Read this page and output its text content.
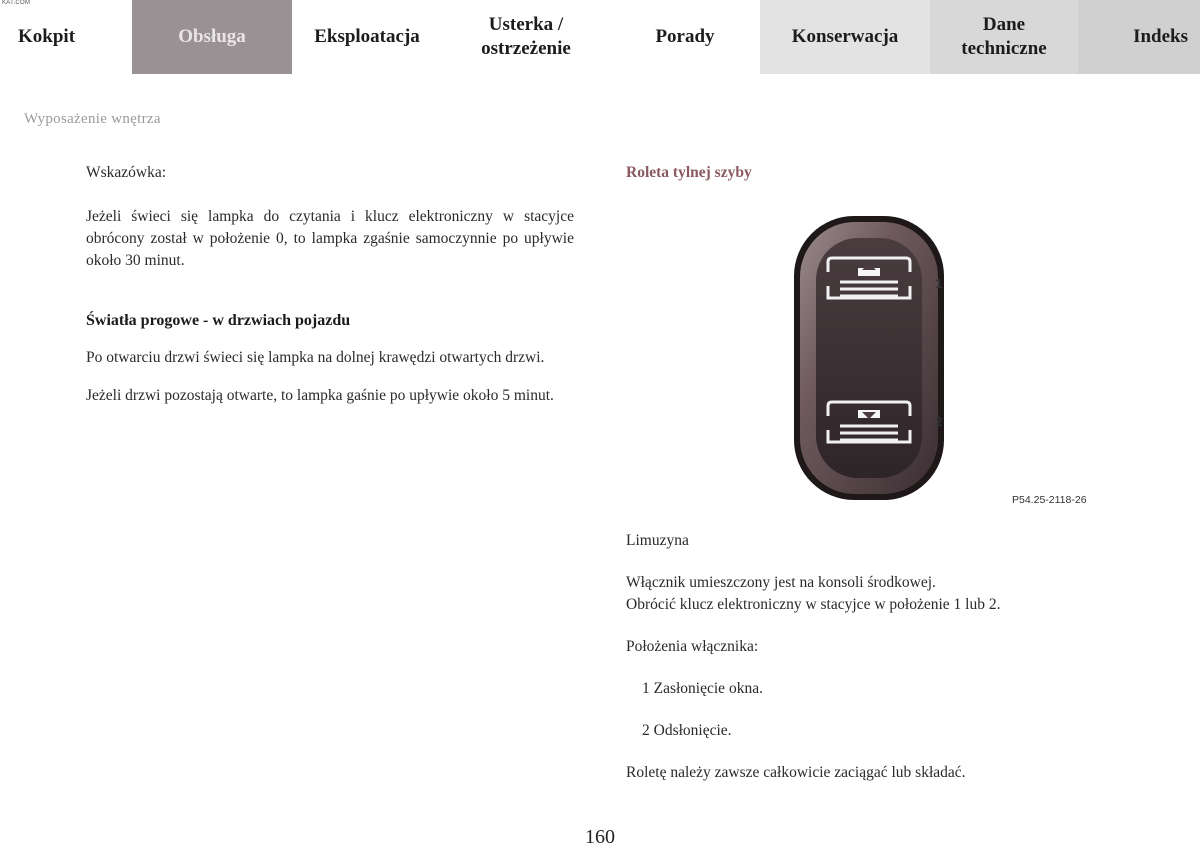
KAT.COM
Kokpit	Obsługa	Eksploatacja
Usterka /
ostrzeżenie
Porady	Konserwacja
Dane
techniczne
Indeks
Wyposażenie wnętrza

Wskazówka:

Jeżeli świeci się lampka do czytania i klucz elektroniczny w stacyjce obrócony został w położenie 0, to lampka zgaśnie samoczynnie po upływie około 30 minut.

Światła progowe - w drzwiach pojazdu

Po otwarciu drzwi świeci się lampka na dolnej krawędzi otwartych drzwi.

Jeżeli drzwi pozostają otwarte, to lampka gaśnie po upływie około 5 minut.

Roleta tylnej szyby
1
2
P54.25-2118-26

Limuzyna

Włącznik umieszczony jest na konsoli środkowej.

Obrócić klucz elektroniczny w stacyjce w położenie 1 lub 2.

Położenia włącznika:

1 Zasłonięcie okna.

2 Odsłonięcie.

Roletę należy zawsze całkowicie zaciągać lub składać.

160
